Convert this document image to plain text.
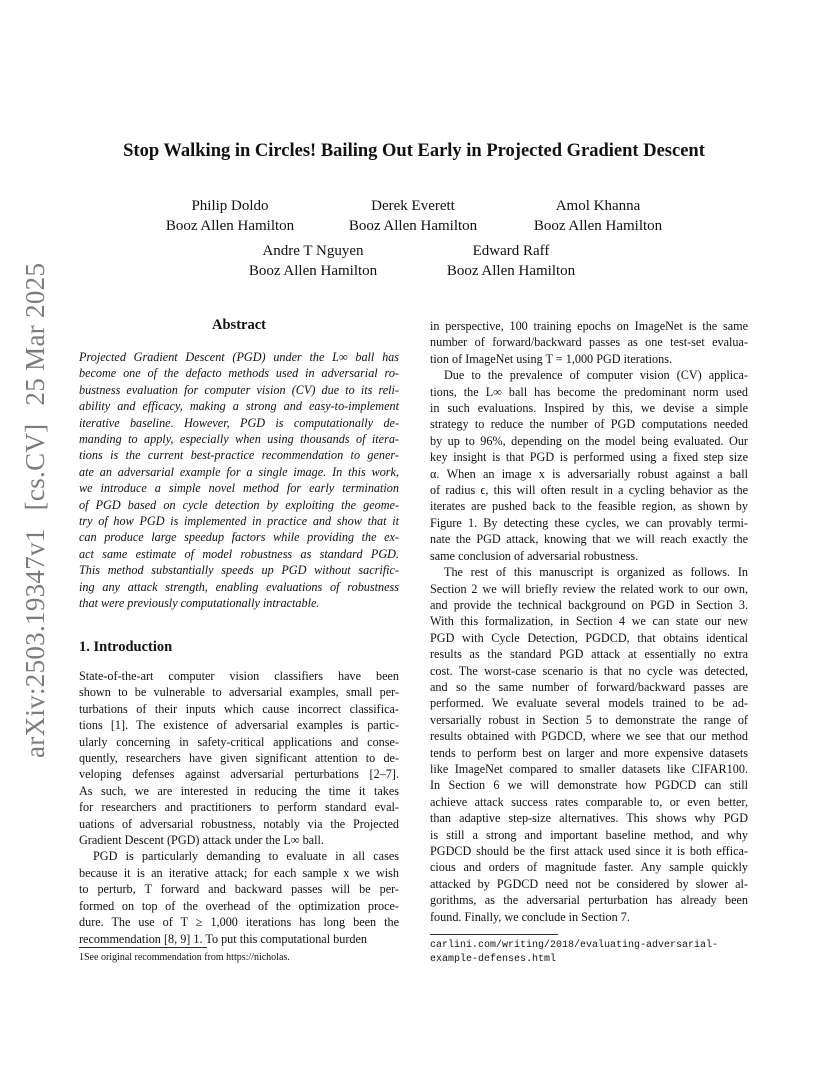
arXiv:2503.19347v1[cs.CV]25 Mar 2025
Stop Walking in Circles! Bailing Out Early in Projected Gradient Descent
Philip Doldo
Booz Allen Hamilton
Derek Everett
Booz Allen Hamilton
Amol Khanna
Booz Allen Hamilton
Andre T Nguyen
Booz Allen Hamilton
Edward Raff
Booz Allen Hamilton
Abstract
Projected Gradient Descent (PGD) under the L∞ ball has
become one of the defacto methods used in adversarial ro-
bustness evaluation for computer vision (CV) due to its reli-
ability and efficacy, making a strong and easy-to-implement
iterative baseline. However, PGD is computationally de-
manding to apply, especially when using thousands of itera-
tions is the current best-practice recommendation to gener-
ate an adversarial example for a single image. In this work,
we introduce a simple novel method for early termination
of PGD based on cycle detection by exploiting the geome-
try of how PGD is implemented in practice and show that it
can produce large speedup factors while providing the ex-
act same estimate of model robustness as standard PGD.
This method substantially speeds up PGD without sacrific-
ing any attack strength, enabling evaluations of robustness
that were previously computationally intractable.
1. Introduction
State-of-the-art computer vision classifiers have been
shown to be vulnerable to adversarial examples, small per-
turbations of their inputs which cause incorrect classifica-
tions [1]. The existence of adversarial examples is partic-
ularly concerning in safety-critical applications and conse-
quently, researchers have given significant attention to de-
veloping defenses against adversarial perturbations [2–7].
As such, we are interested in reducing the time it takes
for researchers and practitioners to perform standard eval-
uations of adversarial robustness, notably via the Projected
Gradient Descent (PGD) attack under the L∞ ball.
PGD is particularly demanding to evaluate in all cases
because it is an iterative attack; for each sample x we wish
to perturb, T forward and backward passes will be per-
formed on top of the overhead of the optimization proce-
dure. The use of T ≥ 1,000 iterations has long been the
recommendation [8, 9] 1. To put this computational burden
in perspective, 100 training epochs on ImageNet is the same
number of forward/backward passes as one test-set evalua-
tion of ImageNet using T = 1,000 PGD iterations.
Due to the prevalence of computer vision (CV) applica-
tions, the L∞ ball has become the predominant norm used
in such evaluations. Inspired by this, we devise a simple
strategy to reduce the number of PGD computations needed
by up to 96%, depending on the model being evaluated. Our
key insight is that PGD is performed using a fixed step size
α. When an image x is adversarially robust against a ball
of radius ϵ, this will often result in a cycling behavior as the
iterates are pushed back to the feasible region, as shown by
Figure 1. By detecting these cycles, we can provably termi-
nate the PGD attack, knowing that we will reach exactly the
same conclusion of adversarial robustness.
The rest of this manuscript is organized as follows. In
Section 2 we will briefly review the related work to our own,
and provide the technical background on PGD in Section 3.
With this formalization, in Section 4 we can state our new
PGD with Cycle Detection, PGDCD, that obtains identical
results as the standard PGD attack at essentially no extra
cost. The worst-case scenario is that no cycle was detected,
and so the same number of forward/backward passes are
performed. We evaluate several models trained to be ad-
versarially robust in Section 5 to demonstrate the range of
results obtained with PGDCD, where we see that our method
tends to perform best on larger and more expensive datasets
like ImageNet compared to smaller datasets like CIFAR100.
In Section 6 we will demonstrate how PGDCD can still
achieve attack success rates comparable to, or even better,
than adaptive step-size alternatives. This shows why PGD
is still a strong and important baseline method, and why
PGDCD should be the first attack used since it is both effica-
cious and orders of magnitude faster. Any sample quickly
attacked by PGDCD need not be considered by slower al-
gorithms, as the adversarial perturbation has already been
found. Finally, we conclude in Section 7.
1See original recommendation from https://nicholas.
carlini.com/writing/2018/evaluating-adversarial-
example-defenses.html
